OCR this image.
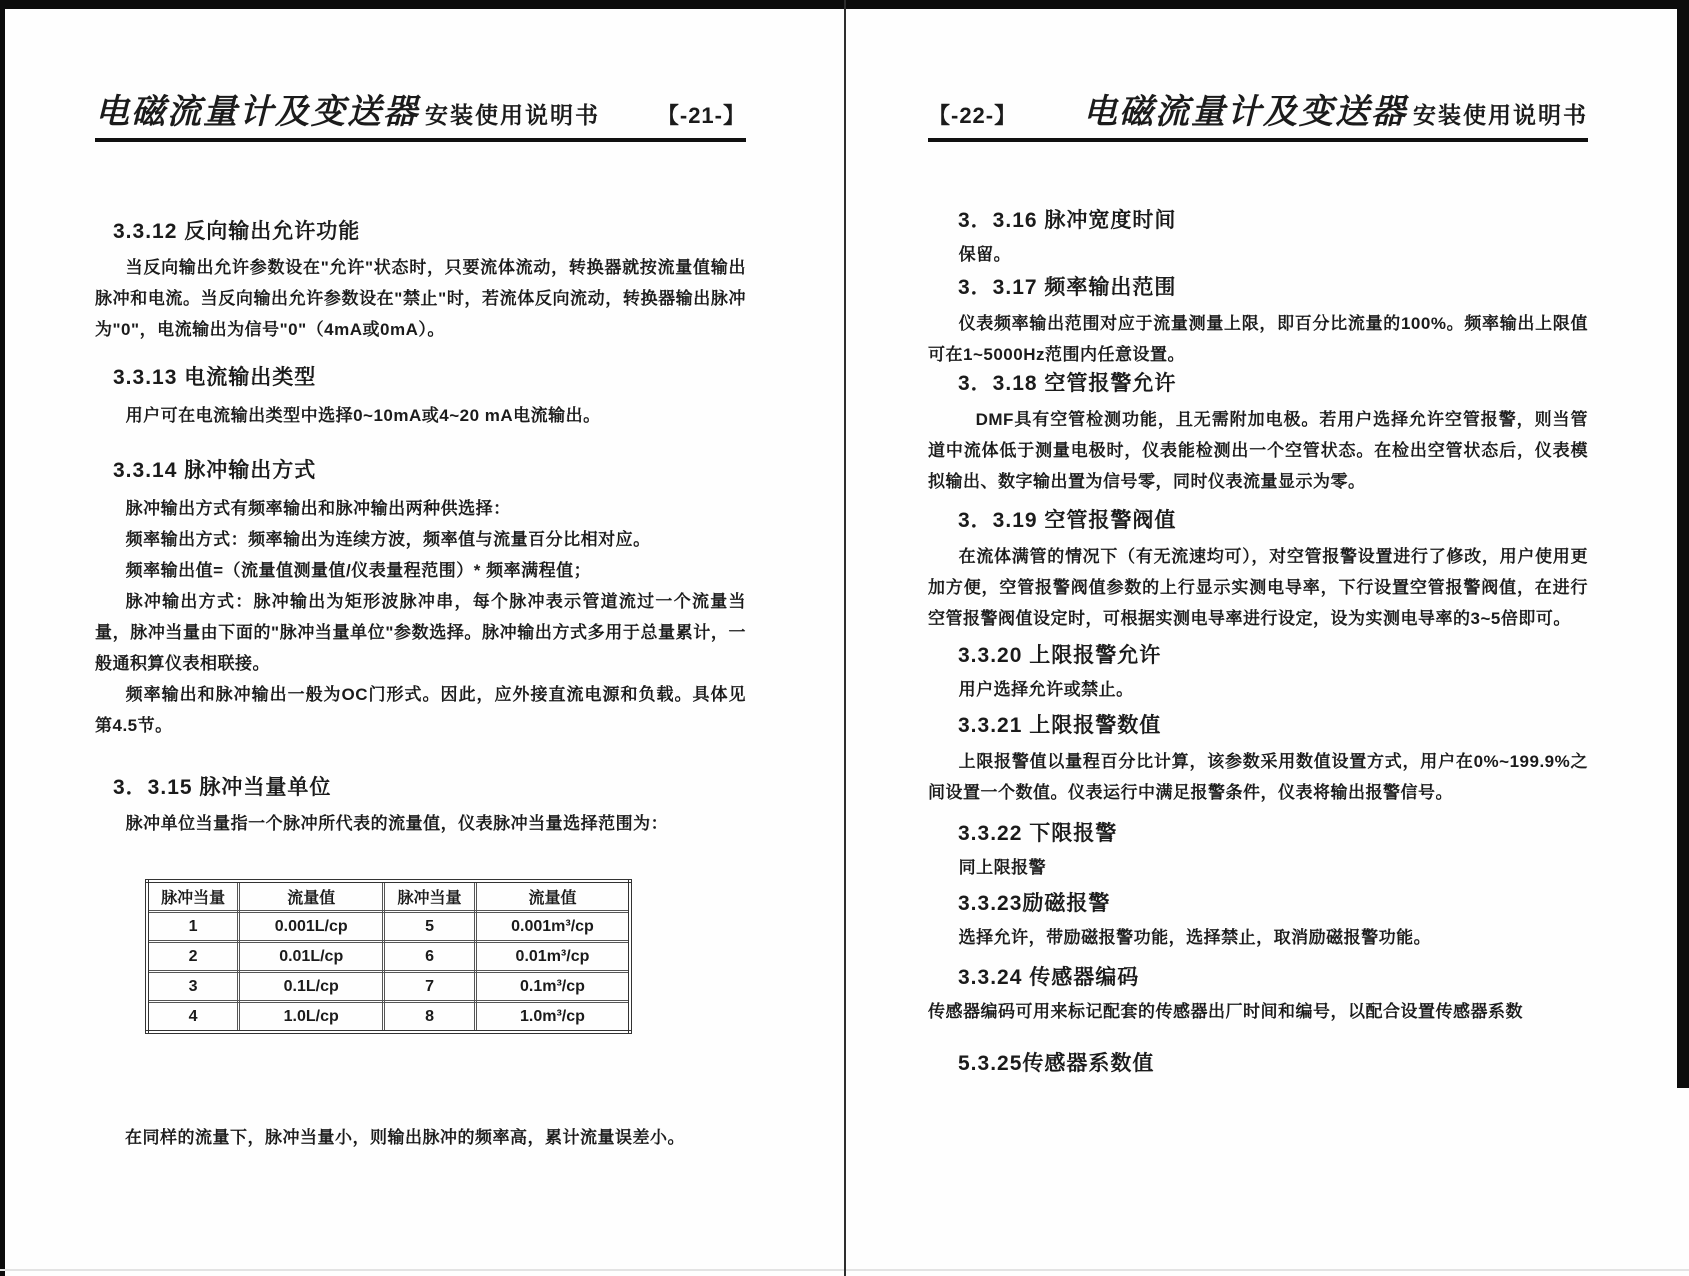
电磁流量计及变送器 安装使用说明书	【-21-】
3.3.12 反向输出允许功能

当反向输出允许参数设在"允许"状态时，只要流体流动，转换器就按流量值输出脉冲和电流。当反向输出允许参数设在"禁止"时，若流体反向流动，转换器输出脉冲为"0"，电流输出为信号"0"（4mA或0mA）。

3.3.13 电流输出类型

用户可在电流输出类型中选择0~10mA或4~20 mA电流输出。

3.3.14 脉冲输出方式

脉冲输出方式有频率输出和脉冲输出两种供选择：

频率输出方式：频率输出为连续方波，频率值与流量百分比相对应。

频率输出值=（流量值测量值/仪表量程范围）* 频率满程值；

脉冲输出方式：脉冲输出为矩形波脉冲串，每个脉冲表示管道流过一个流量当量，脉冲当量由下面的"脉冲当量单位"参数选择。脉冲输出方式多用于总量累计，一般通积算仪表相联接。

频率输出和脉冲输出一般为OC门形式。因此，应外接直流电源和负载。具体见第4.5节。

3．3.15 脉冲当量单位

脉冲单位当量指一个脉冲所代表的流量值，仪表脉冲当量选择范围为：

脉冲当量	流量值	脉冲当量	流量值
1	0.001L/cp	5	0.001m³/cp
2	0.01L/cp	6	0.01m³/cp
3	0.1L/cp	7	0.1m³/cp
4	1.0L/cp	8	1.0m³/cp

在同样的流量下，脉冲当量小，则输出脉冲的频率高，累计流量误差小。

【-22-】 电磁流量计及变送器 安装使用说明书
3．3.16 脉冲宽度时间

保留。

3．3.17 频率输出范围

仪表频率输出范围对应于流量测量上限，即百分比流量的100%。频率输出上限值可在1~5000Hz范围内任意设置。

3．3.18 空管报警允许

DMF具有空管检测功能，且无需附加电极。若用户选择允许空管报警，则当管道中流体低于测量电极时，仪表能检测出一个空管状态。在检出空管状态后，仪表模拟输出、数字输出置为信号零，同时仪表流量显示为零。

3．3.19 空管报警阀值

在流体满管的情况下（有无流速均可），对空管报警设置进行了修改，用户使用更加方便，空管报警阀值参数的上行显示实测电导率，下行设置空管报警阀值，在进行空管报警阀值设定时，可根据实测电导率进行设定，设为实测电导率的3~5倍即可。

3.3.20 上限报警允许

用户选择允许或禁止。

3.3.21 上限报警数值

上限报警值以量程百分比计算，该参数采用数值设置方式，用户在0%~199.9%之间设置一个数值。仪表运行中满足报警条件，仪表将输出报警信号。

3.3.22 下限报警

同上限报警

3.3.23励磁报警

选择允许，带励磁报警功能，选择禁止，取消励磁报警功能。

3.3.24 传感器编码

传感器编码可用来标记配套的传感器出厂时间和编号，以配合设置传感器系数

5.3.25传感器系数值
